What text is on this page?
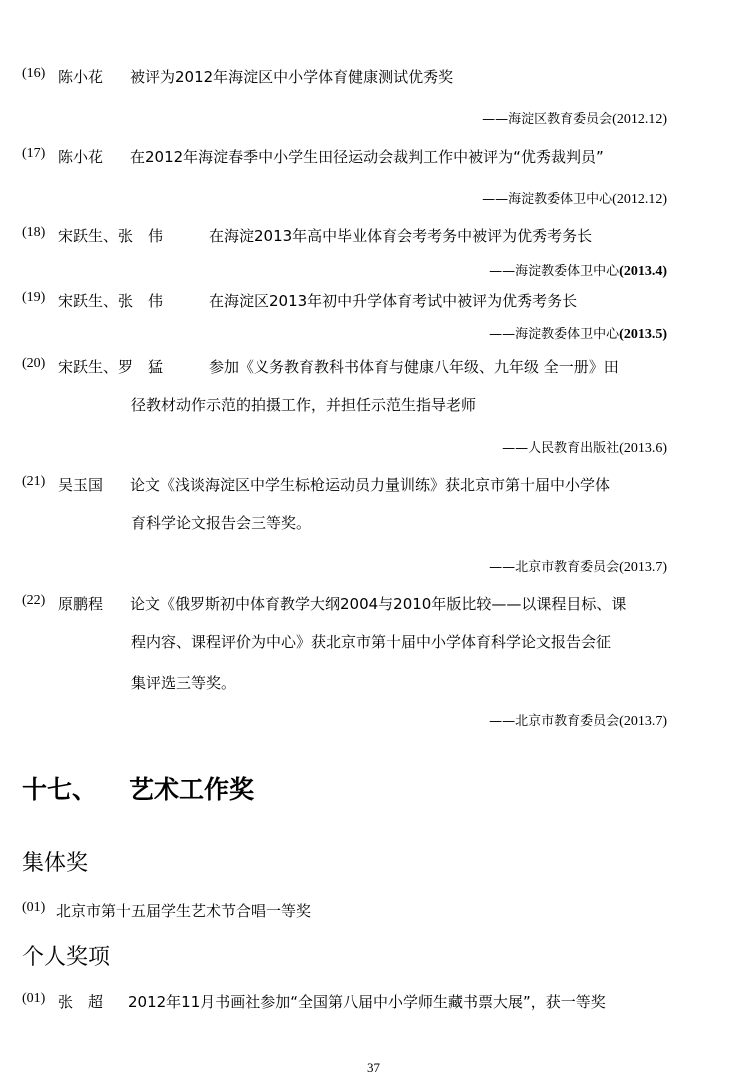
(16) 陈小花 被评为2012年海淀区中小学体育健康测试优秀奖
——海淀区教育委员会(2012.12)
(17) 陈小花 在2012年海淀春季中小学生田径运动会裁判工作中被评为“优秀裁判员”
——海淀教委体卫中心(2012.12)
(18) 宋跃生、张　伟	在海淀2013年高中毕业体育会考考务中被评为优秀考务长
——海淀教委体卫中心(2013.4)
(19) 宋跃生、张　伟	在海淀区2013年初中升学体育考试中被评为优秀考务长
——海淀教委体卫中心(2013.5)
(20) 宋跃生、罗　猛	参加《义务教育教科书体育与健康八年级、九年级 全一册》田
径教材动作示范的拍摄工作，并担任示范生指导老师
——人民教育出版社(2013.6)
(21) 吴玉国 论文《浅谈海淀区中学生标枪运动员力量训练》获北京市第十届中小学体
育科学论文报告会三等奖。
——北京市教育委员会(2013.7)
(22) 原鹏程 论文《俄罗斯初中体育教学大纲2004与2010年版比较——以课程目标、课
程内容、课程评价为中心》获北京市第十届中小学体育科学论文报告会征
集评选三等奖。
——北京市教育委员会(2013.7)
十七、 艺术工作奖
集体奖
(01) 北京市第十五届学生艺术节合唱一等奖
个人奖项
(01) 张　超 2012年11月书画社参加“全国第八届中小学师生藏书票大展”，获一等奖
37
